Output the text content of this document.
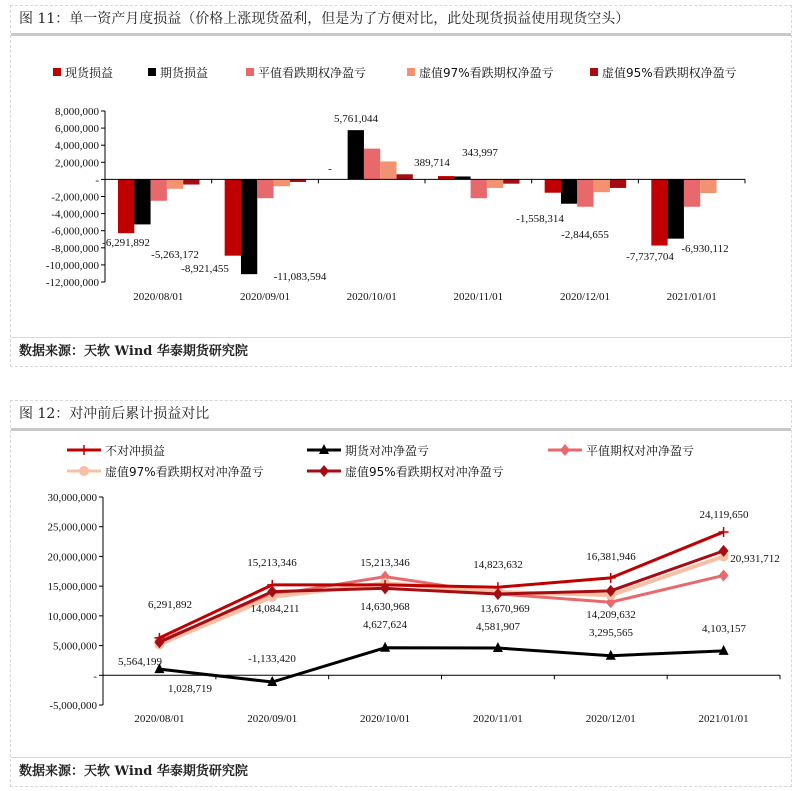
图 11：单一资产月度损益（价格上涨现货盈利，但是为了方便对比，此处现货损益使用现货空头）
数据来源：天软 Wind 华泰期货研究院
图 12：对冲前后累计损益对比
数据来源：天软 Wind 华泰期货研究院
现货损益	期货损益	平值看跌期权净盈亏	虚值97%看跌期权净盈亏	虚值95%看跌期权净盈亏
8,000,000
6,000,000
4,000,000
2,000,000
-
-2,000,000
-4,000,000
-6,000,000
-8,000,000
-10,000,000
-12,000,000
2020/08/01	2020/09/01	2020/10/01	2020/11/01	2020/12/01	2021/01/01
-6,291,892
-8,921,455
-	389,714
-1,558,314
-7,737,704
-5,263,172
-11,083,594
5,761,044
343,997
-2,844,655
-6,930,112
不对冲损益	期货对冲净盈亏	平值期权对冲净盈亏
虚值97%看跌期权对冲净盈亏	虚值95%看跌期权对冲净盈亏
30,000,000
25,000,000
20,000,000
15,000,000
10,000,000
5,000,000
-
-5,000,000
2020/08/01	2020/09/01	2020/10/01	2020/11/01	2020/12/01	2021/01/01
6,291,892
15,213,346	15,213,346	14,823,632
16,381,946
24,119,650
1,028,719
-1,133,420
4,627,624	4,581,907	3,295,565	4,103,157
5,564,199
14,084,211	14,630,968	13,670,969	14,209,632
20,931,712
